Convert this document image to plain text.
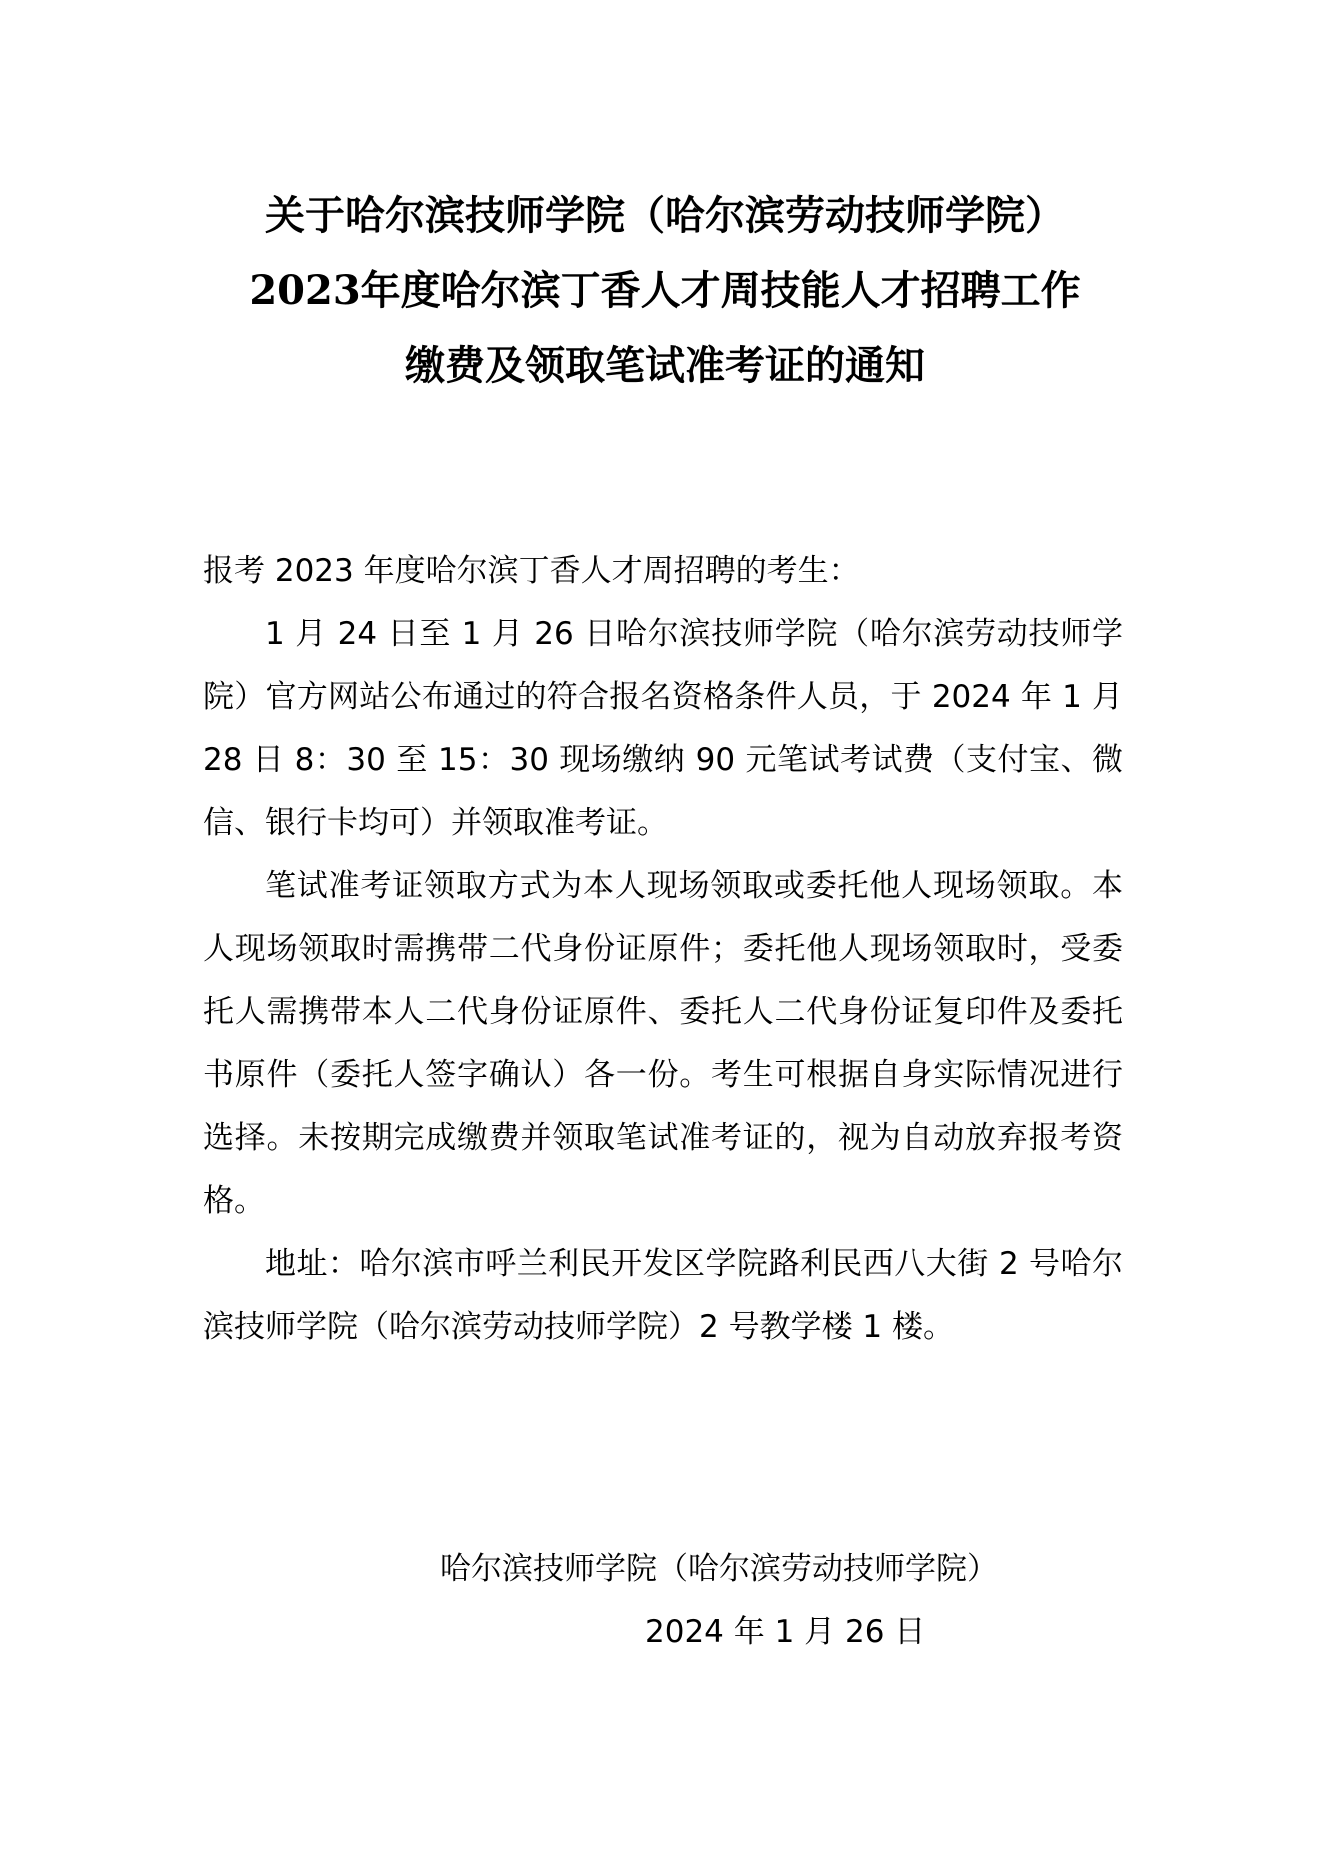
关于哈尔滨技师学院（哈尔滨劳动技师学院）
2023年度哈尔滨丁香人才周技能人才招聘工作
缴费及领取笔试准考证的通知

报考 2023 年度哈尔滨丁香人才周招聘的考生：

1 月 24 日至 1 月 26 日哈尔滨技师学院（哈尔滨劳动技师学院）官方网站公布通过的符合报名资格条件人员，于 2024 年 1 月 28 日 8：30 至 15：30 现场缴纳 90 元笔试考试费（支付宝、微信、银行卡均可）并领取准考证。

笔试准考证领取方式为本人现场领取或委托他人现场领取。本人现场领取时需携带二代身份证原件；委托他人现场领取时，受委托人需携带本人二代身份证原件、委托人二代身份证复印件及委托书原件（委托人签字确认）各一份。考生可根据自身实际情况进行选择。未按期完成缴费并领取笔试准考证的，视为自动放弃报考资格。

地址：哈尔滨市呼兰利民开发区学院路利民西八大街 2 号哈尔滨技师学院（哈尔滨劳动技师学院）2 号教学楼 1 楼。

哈尔滨技师学院（哈尔滨劳动技师学院）
2024 年 1 月 26 日
